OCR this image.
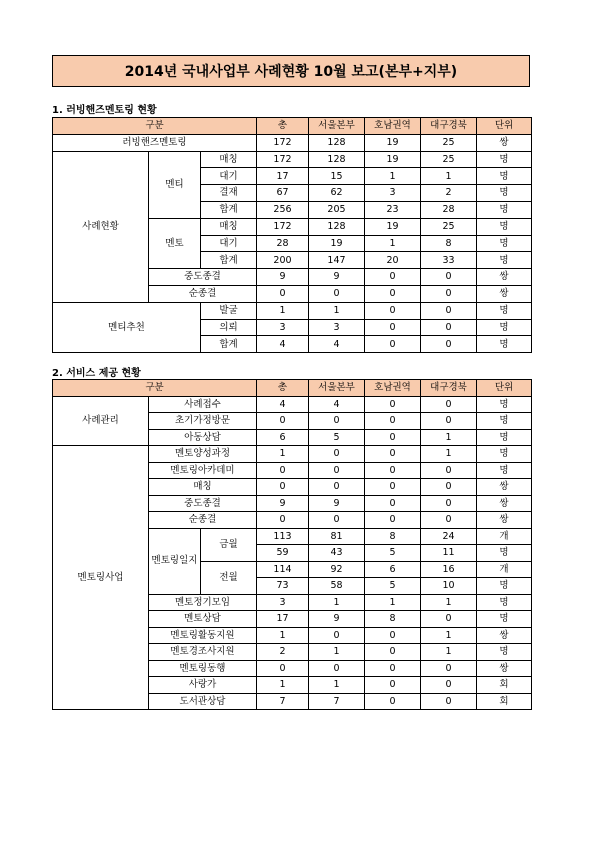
2014년 국내사업부 사례현황 10월 보고(본부+지부)
1. 러빙핸즈멘토링 현황
구분			총	서울본부	호남권역	대구경북	단위
러빙핸즈멘토링			172	128	19	25	쌍
사례현황	멘티	매칭	172	128	19	25	명
		대기	17	15	1	1	명
		결재	67	62	3	2	명
		합계	256	205	23	28	명
	멘토	매칭	172	128	19	25	명
		대기	28	19	1	8	명
		합계	200	147	20	33	명
	중도종결		9	9	0	0	쌍
	순종결		0	0	0	0	쌍
멘티추천		발굴	1	1	0	0	명
		의뢰	3	3	0	0	명
		합계	4	4	0	0	명
2. 서비스 제공 현황
구분			총	서울본부	호남권역	대구경북	단위
사례관리	사례접수		4	4	0	0	명
	초기가정방문		0	0	0	0	명
	아동상담		6	5	0	1	명
멘토링사업	멘토양성과정		1	0	0	1	명
	멘토링아카데미		0	0	0	0	명
	매칭		0	0	0	0	쌍
	중도종결		9	9	0	0	쌍
	순종결		0	0	0	0	쌍
	멘토링일지	금월	113	81	8	24	개
			59	43	5	11	명
		전월	114	92	6	16	개
			73	58	5	10	명
	멘토정기모임		3	1	1	1	명
	멘토상담		17	9	8	0	명
	멘토링활동지원		1	0	0	1	쌍
	멘토경조사지원		2	1	0	1	명
	멘토링동행		0	0	0	0	쌍
	사랑가		1	1	0	0	회
	도서관상담		7	7	0	0	회
